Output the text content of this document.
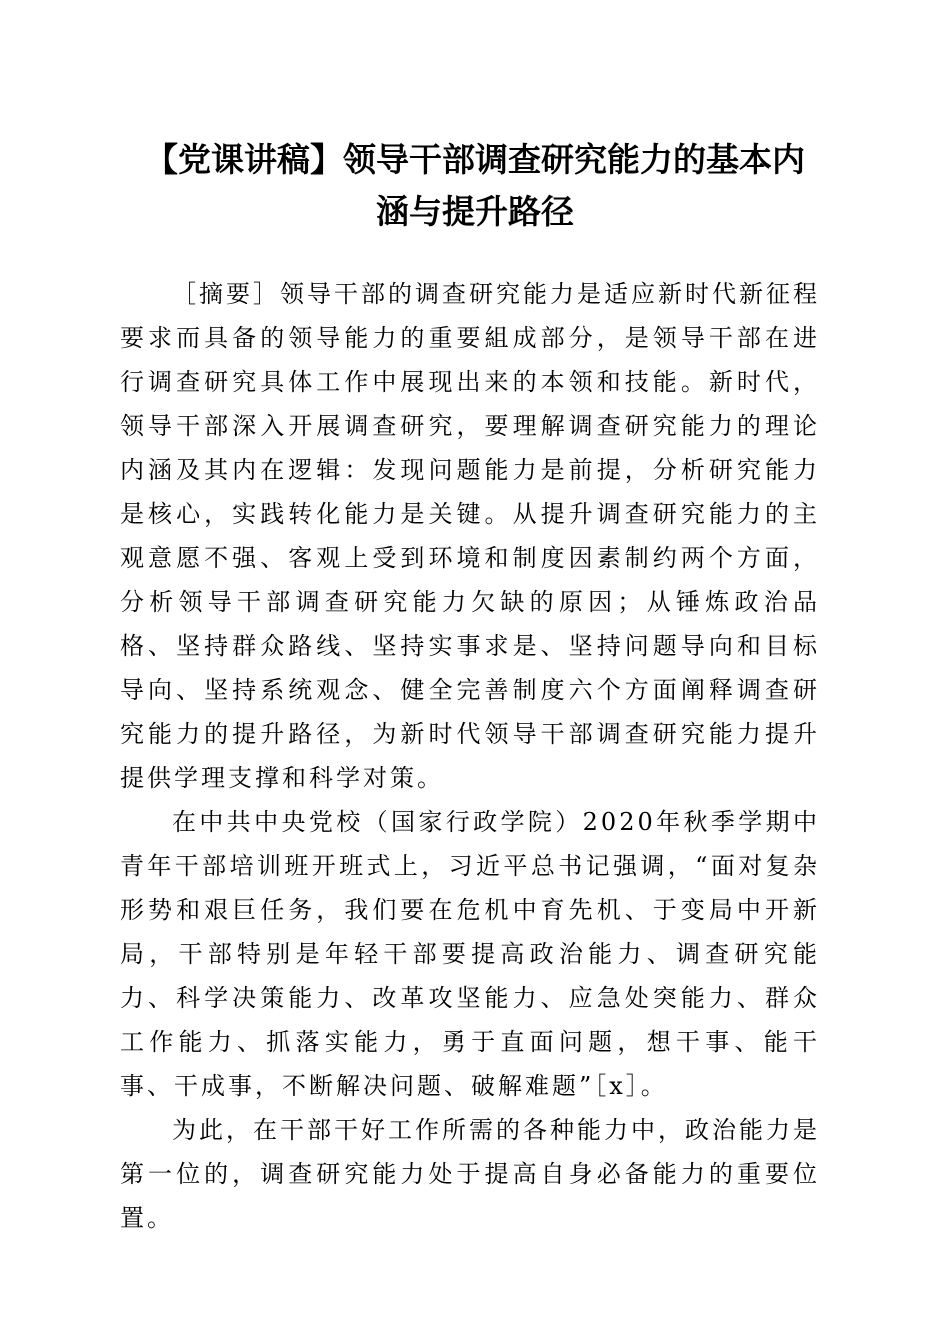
【党课讲稿】领导干部调查研究能力的基本内
涵与提升路径

［摘要］领导干部的调查研究能力是适应新时代新征程要求而具备的领导能力的重要組成部分，是领导干部在进行调查研究具体工作中展现出来的本领和技能。新时代，领导干部深入开展调查研究，要理解调查研究能力的理论内涵及其内在逻辑：发现问题能力是前提，分析研究能力是核心，实践转化能力是关键。从提升调查研究能力的主观意愿不强、客观上受到环境和制度因素制约两个方面，分析领导干部调查研究能力欠缺的原因；从锤炼政治品格、坚持群众路线、坚持实事求是、坚持问题导向和目标导向、坚持系统观念、健全完善制度六个方面阐释调查研究能力的提升路径，为新时代领导干部调查研究能力提升提供学理支撑和科学对策。

在中共中央党校（国家行政学院）2020年秋季学期中青年干部培训班开班式上，习近平总书记强调，“面对复杂形势和艰巨任务，我们要在危机中育先机、于变局中开新局，干部特别是年轻干部要提高政治能力、调查研究能力、科学决策能力、改革攻坚能力、应急处突能力、群众工作能力、抓落实能力，勇于直面问题，想干事、能干事、干成事，不断解决问题、破解难题”［x］。

为此，在干部干好工作所需的各种能力中，政治能力是第一位的，调查研究能力处于提高自身必备能力的重要位置。
